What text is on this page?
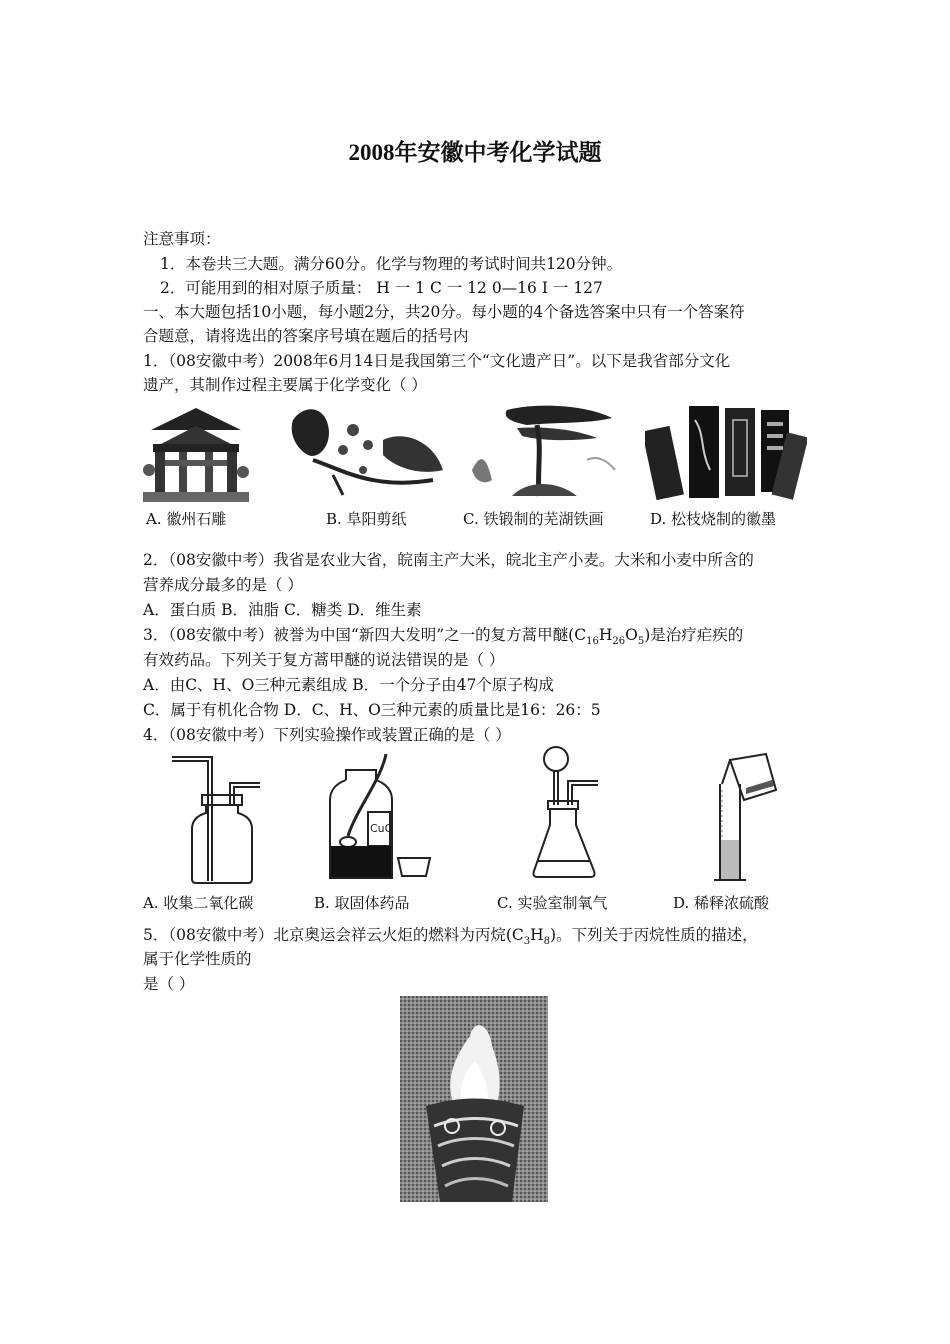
2008年安徽中考化学试题
注意事项：
1．本卷共三大题。满分60分。化学与物理的考试时间共120分钟。
2．可能用到的相对原子质量： H 一 1 C 一 12 0—16 I 一 127
一、本大题包括10小题，每小题2分，共20分。每小题的4个备选答案中只有一个答案符
合题意，请将选出的答案序号填在题后的括号内
1．（08安徽中考）2008年6月14日是我国第三个“文化遗产日”。以下是我省部分文化
遗产，其制作过程主要属于化学变化（ ）
A. 徽州石雕	B. 阜阳剪纸	C. 铁锻制的芜湖铁画	D. 松枝烧制的徽墨
2．（08安徽中考）我省是农业大省，皖南主产大米，皖北主产小麦。大米和小麦中所含的
营养成分最多的是（ ）
A．蛋白质 B．油脂 C．糖类 D．维生素
3．（08安徽中考）被誉为中国“新四大发明”之一的复方蒿甲醚$(C_{16}H_{26}O_5)$是治疗疟疾的
有效药品。下列关于复方蒿甲醚的说法错误的是（ ）
A．由C、H、O三种元素组成 B．一个分子由47个原子构成
C．属于有机化合物 D．C、H、O三种元素的质量比是16：26：5
4．（08安徽中考）下列实验操作或装置正确的是（ ）
CuO
A. 收集二氧化碳	B. 取固体药品	C. 实验室制氧气	D. 稀释浓硫酸
5．（08安徽中考）北京奥运会祥云火炬的燃料为丙烷$(C_3H_8)$。下列关于丙烷性质的描述，
属于化学性质的
是（ ）
